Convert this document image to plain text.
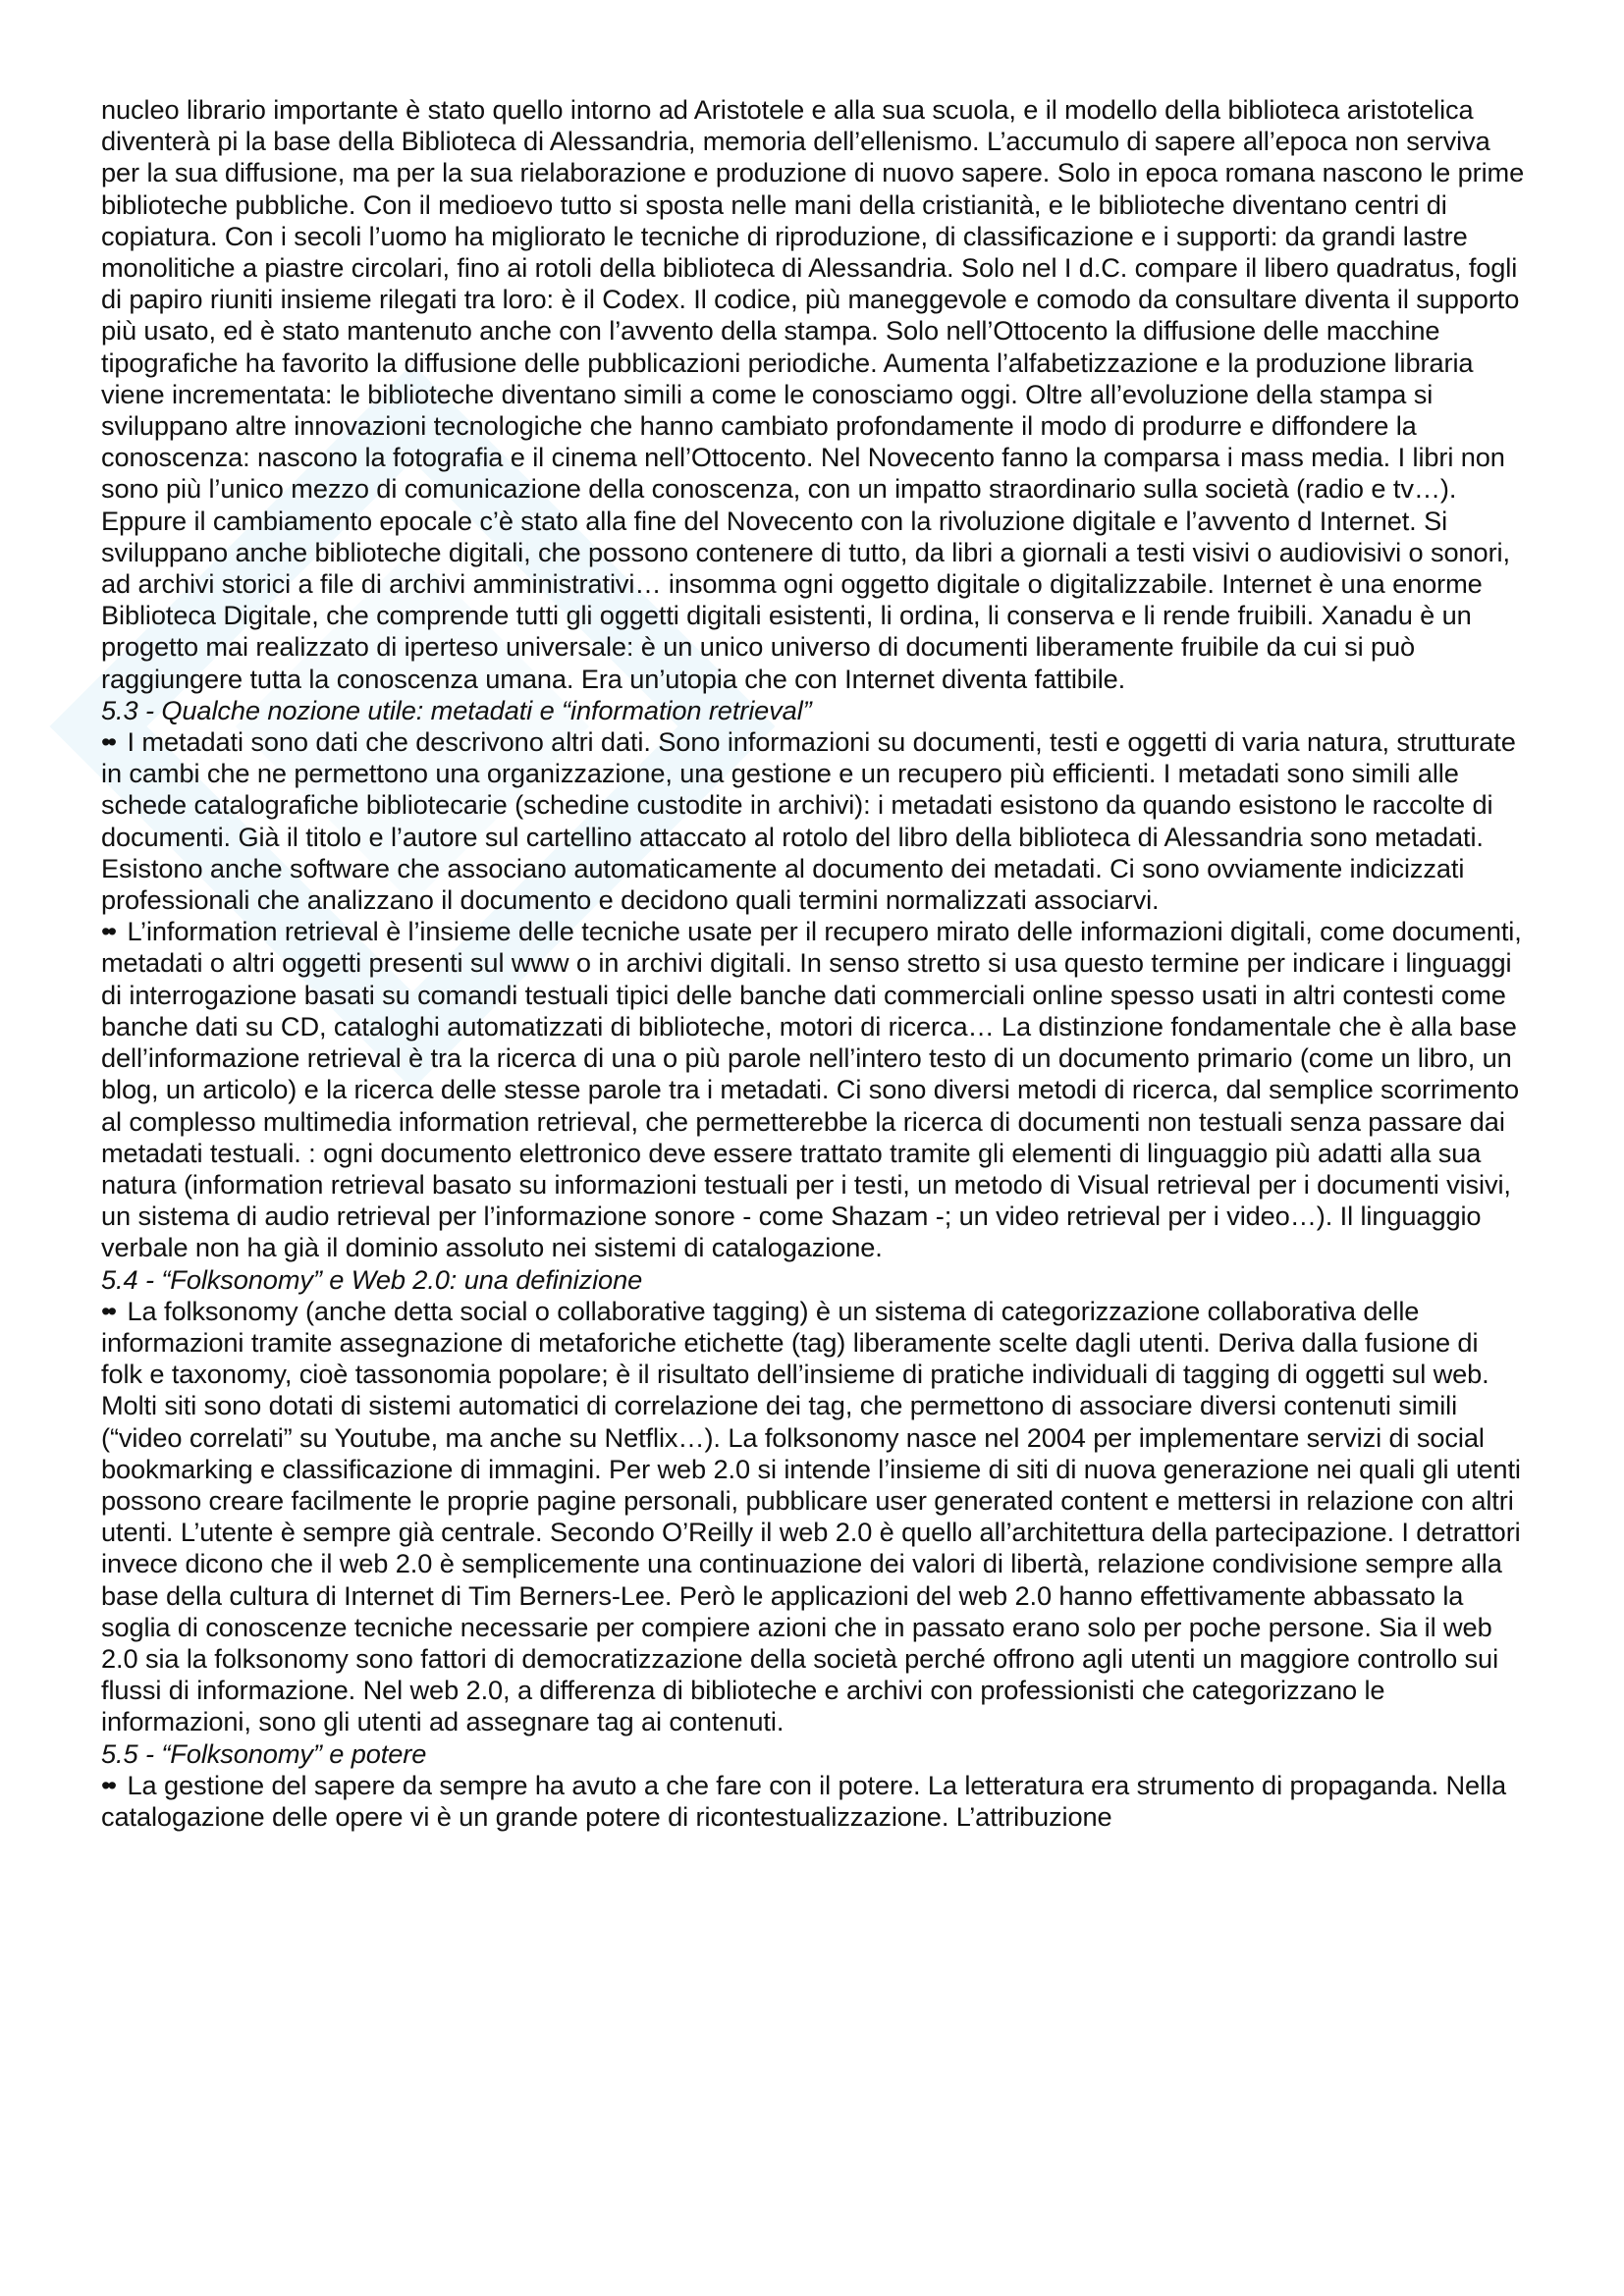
nucleo librario importante è stato quello intorno ad Aristotele e alla sua scuola, e il modello della biblioteca aristotelica diventerà pi la base della Biblioteca di Alessandria, memoria dell’ellenismo. L’accumulo di sapere all’epoca non serviva per la sua diffusione, ma per la sua rielaborazione e produzione di nuovo sapere. Solo in epoca romana nascono le prime biblioteche pubbliche. Con il medioevo tutto si sposta nelle mani della cristianità, e le biblioteche diventano centri di copiatura. Con i secoli l’uomo ha migliorato le tecniche di riproduzione, di classificazione e i supporti: da grandi lastre monolitiche a piastre circolari, fino ai rotoli della biblioteca di Alessandria. Solo nel I d.C. compare il libero quadratus, fogli di papiro riuniti insieme rilegati tra loro: è il Codex. Il codice, più maneggevole e comodo da consultare diventa il supporto più usato, ed è stato mantenuto anche con l’avvento della stampa. Solo nell’Ottocento la diffusione delle macchine tipografiche ha favorito la diffusione delle pubblicazioni periodiche. Aumenta l’alfabetizzazione e la produzione libraria viene incrementata: le biblioteche diventano simili a come le conosciamo oggi. Oltre all’evoluzione della stampa si sviluppano altre innovazioni tecnologiche che hanno cambiato profondamente il modo di produrre e diffondere la conoscenza: nascono la fotografia e il cinema nell’Ottocento. Nel Novecento fanno la comparsa i mass media. I libri non sono più l’unico mezzo di comunicazione della conoscenza, con un impatto straordinario sulla società (radio e tv…). Eppure il cambiamento epocale c’è stato alla fine del Novecento con la rivoluzione digitale e l’avvento d Internet. Si sviluppano anche biblioteche digitali, che possono contenere di tutto, da libri a giornali a testi visivi o audiovisivi o sonori, ad archivi storici a file di archivi amministrativi… insomma ogni oggetto digitale o digitalizzabile. Internet è una enorme Biblioteca Digitale, che comprende tutti gli oggetti digitali esistenti, li ordina, li conserva e li rende fruibili. Xanadu è un progetto mai realizzato di iperteso universale: è un unico universo di documenti liberamente fruibile da cui si può raggiungere tutta la conoscenza umana. Era un’utopia che con Internet diventa fattibile.

5.3 - Qualche nozione utile: metadati e “information retrieval”

•• I metadati sono dati che descrivono altri dati. Sono informazioni su documenti, testi e oggetti di varia natura, strutturate in cambi che ne permettono una organizzazione, una gestione e un recupero più efficienti. I metadati sono simili alle schede catalografiche bibliotecarie (schedine custodite in archivi): i metadati esistono da quando esistono le raccolte di documenti. Già il titolo e l’autore sul cartellino attaccato al rotolo del libro della biblioteca di Alessandria sono metadati. Esistono anche software che associano automaticamente al documento dei metadati. Ci sono ovviamente indicizzati professionali che analizzano il documento e decidono quali termini normalizzati associarvi.

•• L’information retrieval è l’insieme delle tecniche usate per il recupero mirato delle informazioni digitali, come documenti, metadati o altri oggetti presenti sul www o in archivi digitali. In senso stretto si usa questo termine per indicare i linguaggi di interrogazione basati su comandi testuali tipici delle banche dati commerciali online spesso usati in altri contesti come banche dati su CD, cataloghi automatizzati di biblioteche, motori di ricerca… La distinzione fondamentale che è alla base dell’informazione retrieval è tra la ricerca di una o più parole nell’intero testo di un documento primario (come un libro, un blog, un articolo) e la ricerca delle stesse parole tra i metadati. Ci sono diversi metodi di ricerca, dal semplice scorrimento al complesso multimedia information retrieval, che permetterebbe la ricerca di documenti non testuali senza passare dai metadati testuali. : ogni documento elettronico deve essere trattato tramite gli elementi di linguaggio più adatti alla sua natura (information retrieval basato su informazioni testuali per i testi, un metodo di Visual retrieval per i documenti visivi, un sistema di audio retrieval per l’informazione sonore - come Shazam -; un video retrieval per i video…). Il linguaggio verbale non ha già il dominio assoluto nei sistemi di catalogazione.

5.4 - “Folksonomy” e Web 2.0: una definizione

•• La folksonomy (anche detta social o collaborative tagging) è un sistema di categorizzazione collaborativa delle informazioni tramite assegnazione di metaforiche etichette (tag) liberamente scelte dagli utenti. Deriva dalla fusione di folk e taxonomy, cioè tassonomia popolare; è il risultato dell’insieme di pratiche individuali di tagging di oggetti sul web. Molti siti sono dotati di sistemi automatici di correlazione dei tag, che permettono di associare diversi contenuti simili (“video correlati” su Youtube, ma anche su Netflix…). La folksonomy nasce nel 2004 per implementare servizi di social bookmarking e classificazione di immagini. Per web 2.0 si intende l’insieme di siti di nuova generazione nei quali gli utenti possono creare facilmente le proprie pagine personali, pubblicare user generated content e mettersi in relazione con altri utenti. L’utente è sempre già centrale. Secondo O’Reilly il web 2.0 è quello all’architettura della partecipazione. I detrattori invece dicono che il web 2.0 è semplicemente una continuazione dei valori di libertà, relazione condivisione sempre alla base della cultura di Internet di Tim Berners-Lee. Però le applicazioni del web 2.0 hanno effettivamente abbassato la soglia di conoscenze tecniche necessarie per compiere azioni che in passato erano solo per poche persone. Sia il web 2.0 sia la folksonomy sono fattori di democratizzazione della società perché offrono agli utenti un maggiore controllo sui flussi di informazione. Nel web 2.0, a differenza di biblioteche e archivi con professionisti che categorizzano le informazioni, sono gli utenti ad assegnare tag ai contenuti.

5.5 - “Folksonomy” e potere

•• La gestione del sapere da sempre ha avuto a che fare con il potere. La letteratura era strumento di propaganda. Nella catalogazione delle opere vi è un grande potere di ricontestualizzazione. L’attribuzione
